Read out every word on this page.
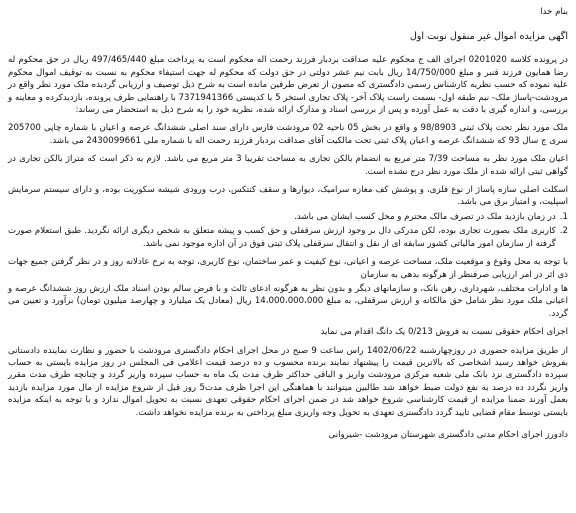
بنام خدا

اگهی مزایده اموال غیر منقول نوبت اول

در پرونده کلاسه 0201020 اجرای الف ج محکوم علیه صداقت بردبار فرزند رحمت اله محکوم است به پرداخت مبلغ 497/465/440 ریال در حق محکوم له رضا همایون فرزند قنبر و مبلغ 14/750/000 ریال بابت نیم عشر دولتی در حق دولت که محکوم له جهت استیفاء محکوم به نسبت به توقیف اموال محکوم علیه نموده که حسب نظریه کارشناس رسمی دادگستری که مصون از تعرض طرفین مانده است به شرح ذیل توصیف و ارزیابی گردیده ملک مورد نظر واقع در مرودشت-پاساژ ملک- نیم طبقه اول- بسمت راست پلاک آخر- پلاک تجاری استخر 5 با کدپستی 7371941366 با راهنمایی طرف پرونده، بازدیدکرده و معاینه و بررسی، و اندازه گیری با دقت به عمل آورده و پس از بررسی اسناد و مدارک ارائه شده، نظریه خود را به شرح ذیل به استحضار می رساند:

ملک مورد نظر تحت پلاک ثبتی 98/8903 و واقع در بخش 05 ناحیه 02 مرودشت فارس دارای سند اصلی ششدانگ عرصه و اعیان با شماره چاپی 205700 سری ج سال 93 که ششدانگ عرصه و اعیان پلاک ثبتی تحت مالکیت آقای صداقت بردبار فرزند رحمت اله با شماره ملی 2430099661 می باشد.

اعیان ملک مورد نظر به مساحت 7/39 متر مربع به انضمام بالکن تجاری به مساحت تقریبا 3 متر مربع می باشد. لازم به ذکر است که متراژ بالکن تجاری در گواهی ثبتی ارائه شده از ملک مورد نظر درج نشده است.

اسکلت اصلی سازه پاساژ از نوع فلزی، و پوشش کف مغازه سرامیک، دیوارها و سقف کنتکس، درب ورودی شیشه سکوریت بوده، و دارای سیستم سرمایش اسپلیت، و امتیاز برق می باشد.

1.
در زمان بازدید ملک در تصرف مالک محترم و محل کسب ایشان می باشد.
2.
کاربری ملک بصورت تجاری بوده، لکن مدرکی دال بر وجود ارزش سرقفلی و حق کسب و پیشه متعلق به شخص دیگری ارائه نگردید. طبق استعلام صورت گرفته از سازمان امور مالیاتی کشور سابقه ای از نقل و انتقال سرقفلی پلاک ثبتی فوق در آن اداره موجود نمی باشد.

با توجه به محل وقوع و موقعیت ملک، مساحت عرصه و اعیانی، نوع کیفیت و عمر ساختمان، نوع کاربری، توجه به نرخ عادلانه روز و در نظر گرفتن جمیع جهات ذی اثر در امر ارزیابی صرفنظر از هرگونه بدهی به سازمان

ها و ادارات مختلف، شهرداری، رهن بانک، و سازمانهای دیگر و بدون نظر به هرگونه ادعای ثالث و با فرض سالم بودن اسناد ملک ارزش روز ششدانگ عرصه و اعیانی ملک مورد نظر شامل حق مالکانه و ارزش سرقفلی، به مبلغ 14،000،000،000 ریال (معادل یک میلیارد و چهارصد میلیون تومان) برآورد و تعیین می گردد.

اجرای احکام حقوقی نسبت به فروش 0/213 یک دانگ اقدام می نماید

از طریق مزایده حضوری در روزچهارشنبه 1402/06/22 راس ساعت 9 صبح در محل اجرای احکام دادگستری مرودشت با حضور و نظارت نماینده دادستانی بفروش خواهد رسید اشخاصی که بالاترین قیمت را پیشنهاد نمایند برنده محسوب و ده درصد قیمت اعلامی فی المجلس در روز مزایده بایستی به حساب سپرده دادگستری نزد بانک ملی شعبه مرکزی مرودشت واریز و الباقی حداکثر ظرف مدت یک ماه به حساب سپرده واریز گردد و چنانچه ظرف مدت مقرر واریز نگردد ده درصد به نفع دولت ضبط خواهد شد طالبین میتوانند با هماهنگی این اجرا ظرف مدت5 روز قبل از شروع مزایده از مال مورد مزایده بازدید بعمل آورند ضمنا مزایده از قیمت کارشناسی شروع خواهد شد در ضمن اجرای احکام حقوقی تعهدی نسبت به تحویل اموال ندارد و با توجه به اینکه مزایده بایستی توسط مقام قضایی تایید گردد دادگستری تعهدی به تحویل وجه واریزی مبلغ پرداختی به برنده مزایده نخواهد داشت.

دادورز اجرای احکام مدنی دادگستری شهرستان مرودشت -شیروانی
